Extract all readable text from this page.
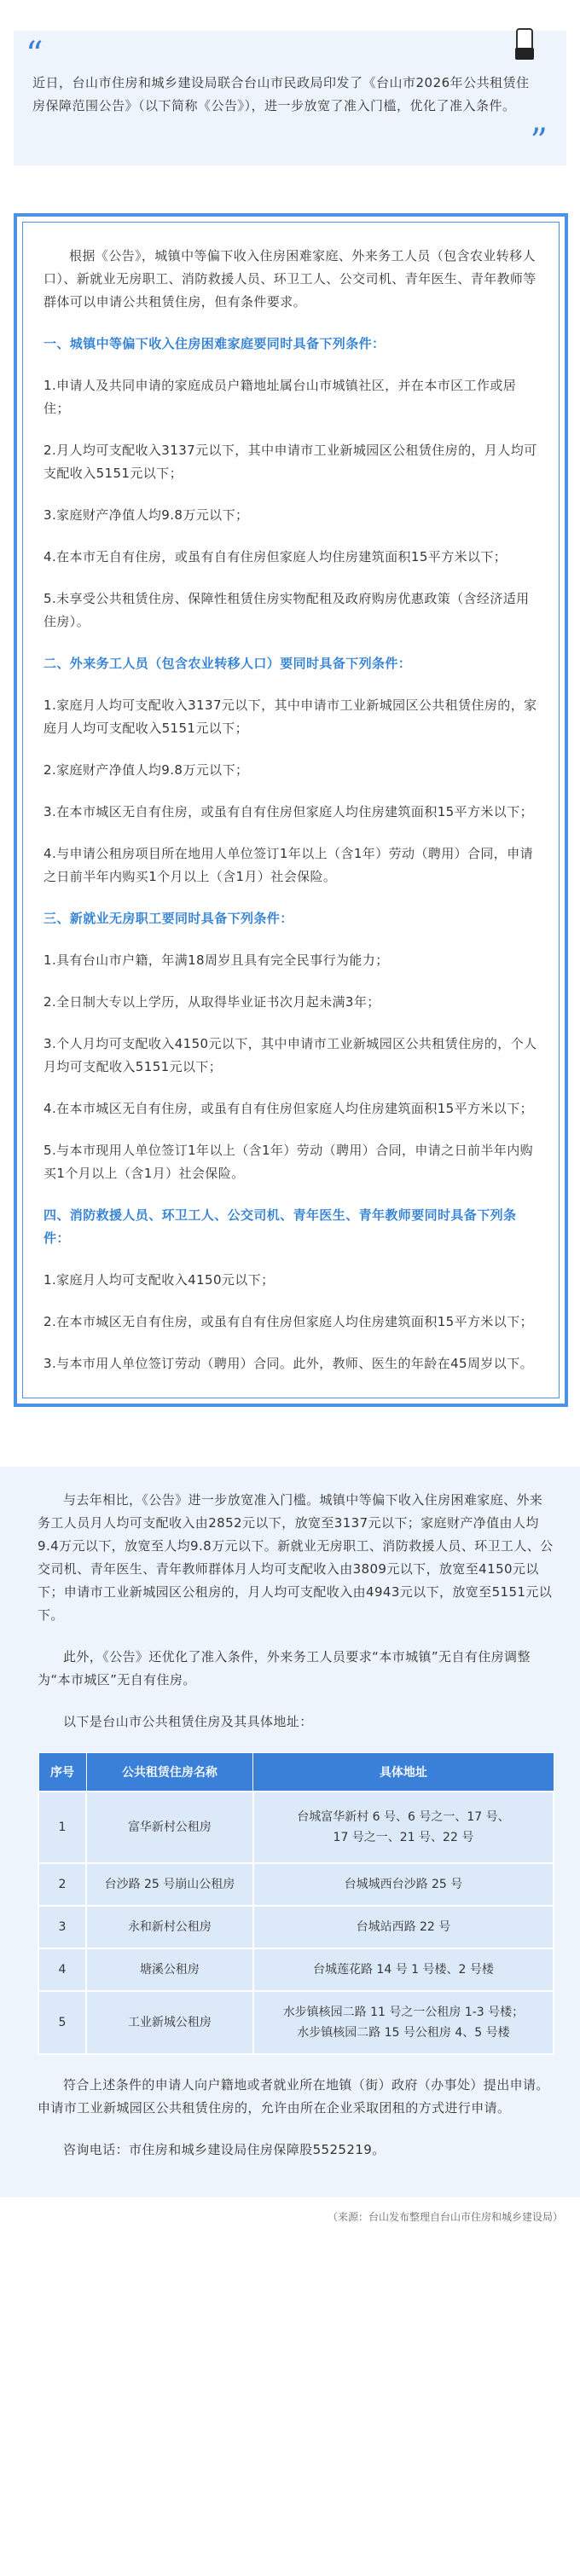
“

近日，台山市住房和城乡建设局联合台山市民政局印发了《台山市2026年公共租赁住房保障范围公告》（以下简称《公告》），进一步放宽了准入门槛，优化了准入条件。

”

根据《公告》，城镇中等偏下收入住房困难家庭、外来务工人员（包含农业转移人口）、新就业无房职工、消防救援人员、环卫工人、公交司机、青年医生、青年教师等群体可以申请公共租赁住房，但有条件要求。

一、城镇中等偏下收入住房困难家庭要同时具备下列条件：

1.申请人及共同申请的家庭成员户籍地址属台山市城镇社区，并在本市区工作或居住；

2.月人均可支配收入3137元以下，其中申请市工业新城园区公租赁住房的，月人均可支配收入5151元以下；

3.家庭财产净值人均9.8万元以下；

4.在本市无自有住房，或虽有自有住房但家庭人均住房建筑面积15平方米以下；

5.未享受公共租赁住房、保障性租赁住房实物配租及政府购房优惠政策（含经济适用住房）。

二、外来务工人员（包含农业转移人口）要同时具备下列条件：

1.家庭月人均可支配收入3137元以下，其中申请市工业新城园区公共租赁住房的，家庭月人均可支配收入5151元以下；

2.家庭财产净值人均9.8万元以下；

3.在本市城区无自有住房，或虽有自有住房但家庭人均住房建筑面积15平方米以下；

4.与申请公租房项目所在地用人单位签订1年以上（含1年）劳动（聘用）合同，申请之日前半年内购买1个月以上（含1月）社会保险。

三、新就业无房职工要同时具备下列条件：

1.具有台山市户籍，年满18周岁且具有完全民事行为能力；

2.全日制大专以上学历，从取得毕业证书次月起未满3年；

3.个人月均可支配收入4150元以下，其中申请市工业新城园区公共租赁住房的，个人月均可支配收入5151元以下；

4.在本市城区无自有住房，或虽有自有住房但家庭人均住房建筑面积15平方米以下；

5.与本市现用人单位签订1年以上（含1年）劳动（聘用）合同，申请之日前半年内购买1个月以上（含1月）社会保险。

四、消防救援人员、环卫工人、公交司机、青年医生、青年教师要同时具备下列条件：

1.家庭月人均可支配收入4150元以下；

2.在本市城区无自有住房，或虽有自有住房但家庭人均住房建筑面积15平方米以下；

3.与本市用人单位签订劳动（聘用）合同。此外，教师、医生的年龄在45周岁以下。

与去年相比，《公告》进一步放宽准入门槛。城镇中等偏下收入住房困难家庭、外来务工人员月人均可支配收入由2852元以下，放宽至3137元以下；家庭财产净值由人均9.4万元以下，放宽至人均9.8万元以下。新就业无房职工、消防救援人员、环卫工人、公交司机、青年医生、青年教师群体月人均可支配收入由3809元以下，放宽至4150元以下；申请市工业新城园区公租房的，月人均可支配收入由4943元以下，放宽至5151元以下。

此外，《公告》还优化了准入条件，外来务工人员要求“本市城镇”无自有住房调整为“本市城区”无自有住房。

以下是台山市公共租赁住房及其具体地址：

序号	公共租赁住房名称	具体地址
1	富华新村公租房	台城富华新村 6 号、6 号之一、17 号、
17 号之一、21 号、22 号
2	台沙路 25 号崩山公租房	台城城西台沙路 25 号
3	永和新村公租房	台城站西路 22 号
4	塘溪公租房	台城莲花路 14 号 1 号楼、2 号楼
5	工业新城公租房	水步镇核园二路 11 号之一公租房 1-3 号楼；
水步镇核园二路 15 号公租房 4、5 号楼

符合上述条件的申请人向户籍地或者就业所在地镇（街）政府（办事处）提出申请。申请市工业新城园区公共租赁住房的，允许由所在企业采取团租的方式进行申请。

咨询电话：市住房和城乡建设局住房保障股5525219。

（来源：台山发布整理自台山市住房和城乡建设局）
